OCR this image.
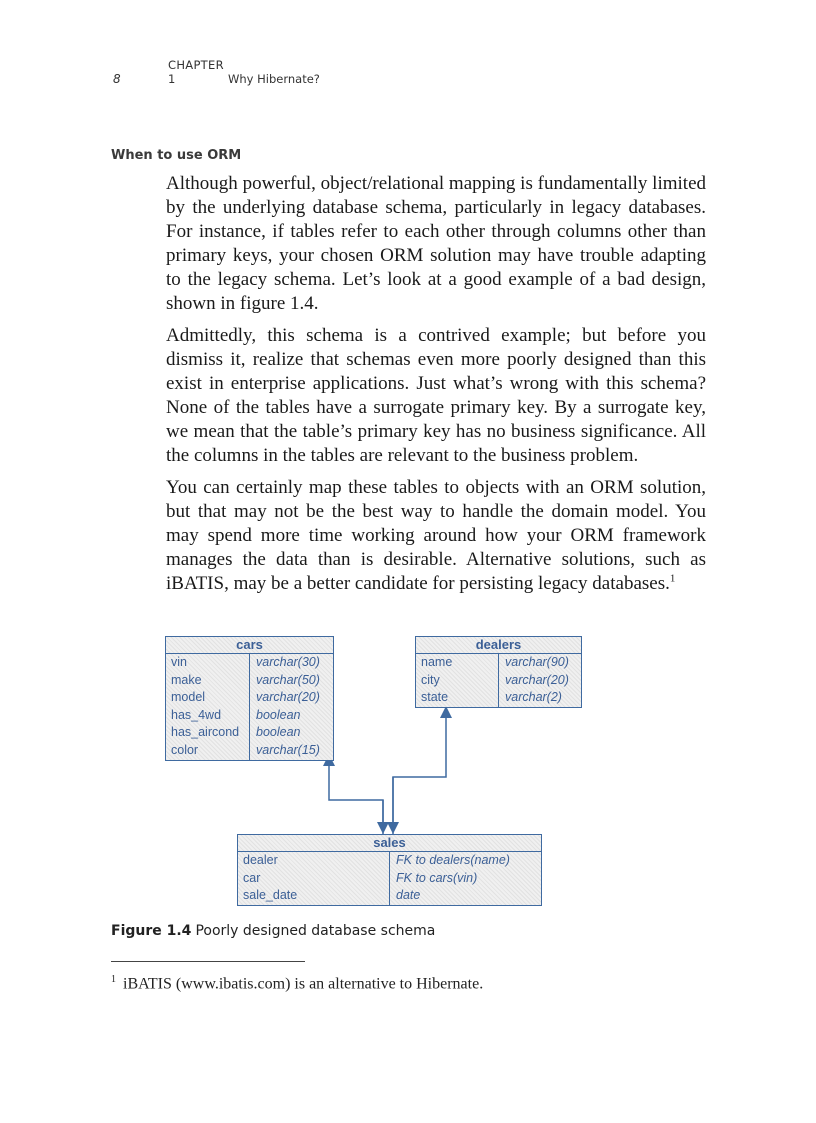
8CHAPTER 1	Why Hibernate?
When to use ORM

Although powerful, object/relational mapping is fundamentally limited by the underlying database schema, particularly in legacy databases. For instance, if tables refer to each other through columns other than primary keys, your chosen ORM solution may have trouble adapting to the legacy schema. Let’s look at a good example of a bad design, shown in figure 1.4.

Admittedly, this schema is a contrived example; but before you dismiss it, realize that schemas even more poorly designed than this exist in enterprise applications. Just what’s wrong with this schema? None of the tables have a surrogate primary key. By a surrogate key, we mean that the table’s primary key has no business significance. All the columns in the tables are relevant to the business problem.

You can certainly map these tables to objects with an ORM solution, but that may not be the best way to handle the domain model. You may spend more time working around how your ORM framework manages the data than is desirable. Alternative solutions, such as iBATIS, may be a better candidate for persisting legacy databases.$^1$

cars
vin	varchar(30)
make	varchar(50)
model	varchar(20)
has_4wd	boolean
has_aircond	boolean
color	varchar(15)
dealers
name	varchar(90)
city	varchar(20)
state	varchar(2)
sales
dealer	FK to dealers(name)
car	FK to cars(vin)
sale_date	date
Figure 1.4 Poorly designed database schema
$^1$ iBATIS (www.ibatis.com) is an alternative to Hibernate.
